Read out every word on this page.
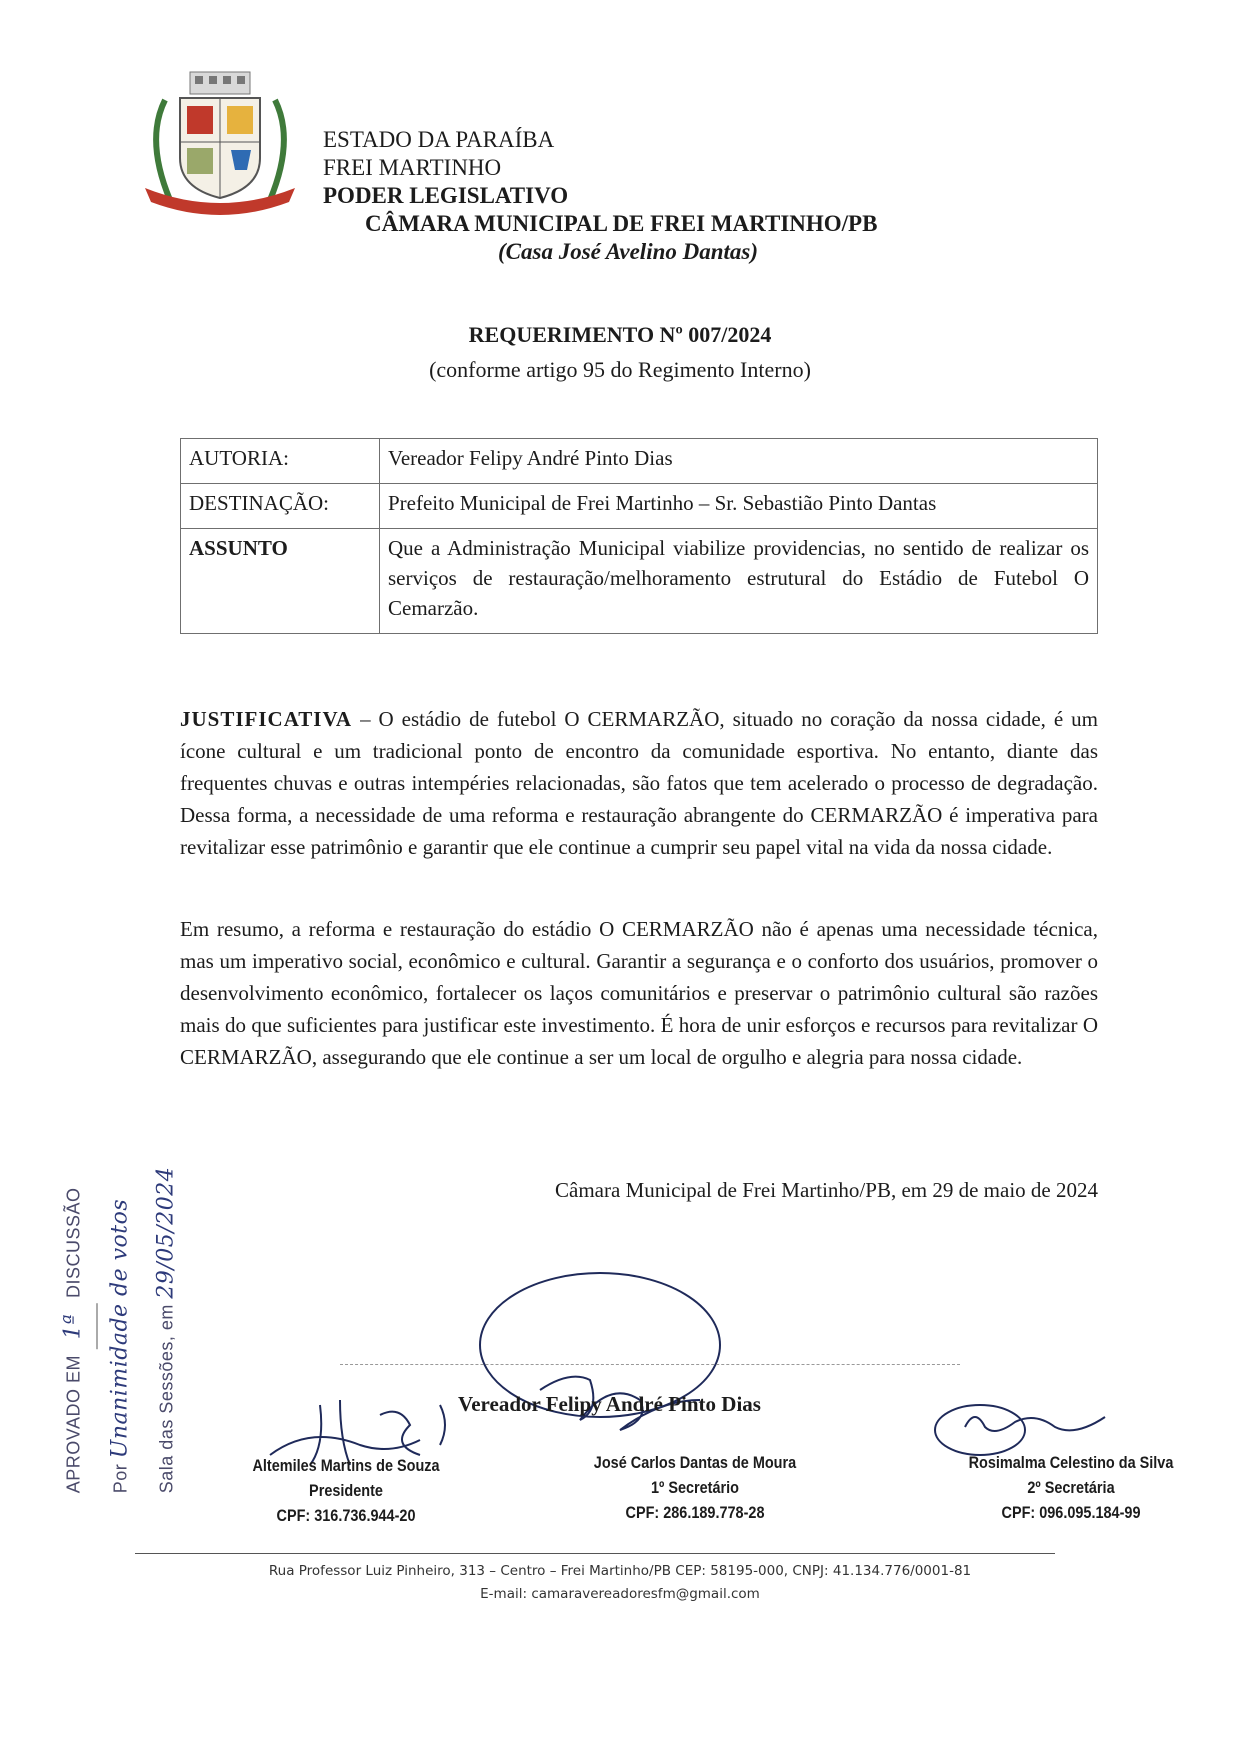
ESTADO DA PARAÍBA
FREI MARTINHO
PODER LEGISLATIVO
CÂMARA MUNICIPAL DE FREI MARTINHO/PB
(Casa José Avelino Dantas)
REQUERIMENTO Nº 007/2024
(conforme artigo 95 do Regimento Interno)
AUTORIA:	Vereador Felipy André Pinto Dias
DESTINAÇÃO:	Prefeito Municipal de Frei Martinho – Sr. Sebastião Pinto Dantas
ASSUNTO	Que a Administração Municipal viabilize providencias, no sentido de realizar os serviços de restauração/melhoramento estrutural do Estádio de Futebol O Cemarzão.
JUSTIFICATIVA – O estádio de futebol O CERMARZÃO, situado no coração da nossa cidade, é um ícone cultural e um tradicional ponto de encontro da comunidade esportiva. No entanto, diante das frequentes chuvas e outras intempéries relacionadas, são fatos que tem acelerado o processo de degradação. Dessa forma, a necessidade de uma reforma e restauração abrangente do CERMARZÃO é imperativa para revitalizar esse patrimônio e garantir que ele continue a cumprir seu papel vital na vida da nossa cidade.
Em resumo, a reforma e restauração do estádio O CERMARZÃO não é apenas uma necessidade técnica, mas um imperativo social, econômico e cultural. Garantir a segurança e o conforto dos usuários, promover o desenvolvimento econômico, fortalecer os laços comunitários e preservar o patrimônio cultural são razões mais do que suficientes para justificar este investimento. É hora de unir esforços e recursos para revitalizar O CERMARZÃO, assegurando que ele continue a ser um local de orgulho e alegria para nossa cidade.
Câmara Municipal de Frei Martinho/PB, em 29 de maio de 2024
Vereador Felipy André Pinto Dias
Altemiles Martins de Souza
Presidente
CPF: 316.736.944-20
José Carlos Dantas de Moura
1º Secretário
CPF: 286.189.778-28
Rosimalma Celestino da Silva
2º Secretária
CPF: 096.095.184-99
APROVADO EM 1ª DISCUSSÃO
Por Unanimidade de votos	Sala das Sessões, em 29/05/2024
Rua Professor Luiz Pinheiro, 313 – Centro – Frei Martinho/PB CEP: 58195-000, CNPJ: 41.134.776/0001-81
E-mail: camaravereadoresfm@gmail.com
